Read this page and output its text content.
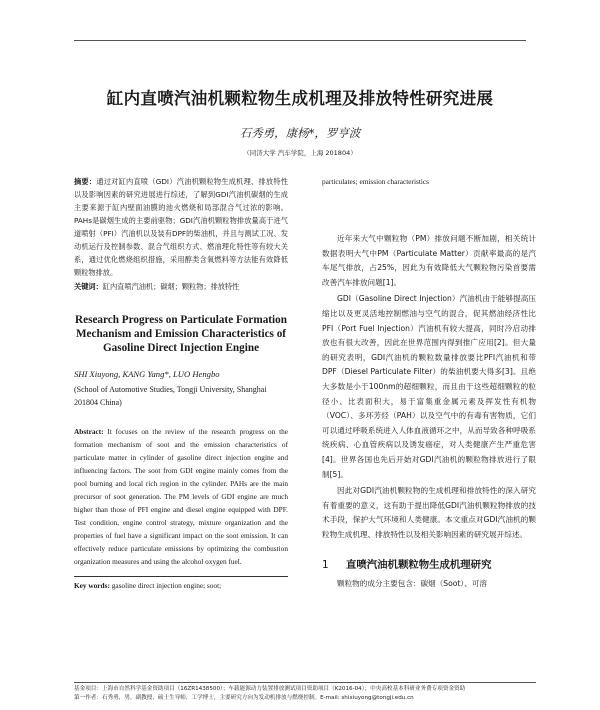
缸内直喷汽油机颗粒物生成机理及排放特性研究进展
石秀勇，康杨*，罗亨波
（同济大学 汽车学院，上海 201804）

摘要：通过对缸内直喷（GDI）汽油机颗粒物生成机理、排放特性以及影响因素的研究进展进行综述，了解到GDI汽油机碳烟的生成主要来源于缸内壁面油膜的池火燃烧和局部混合气过浓的影响。PAHs是碳烟生成的主要前驱物；GDI汽油机颗粒物排放量高于进气道喷射（PFI）汽油机以及装有DPF的柴油机，并且与测试工况、发动机运行及控制参数、混合气组织方式、燃油理化特性等有较大关系，通过优化燃烧组织措施，采用醇类含氧燃料等方法能有效降低颗粒物排放。

关键词：缸内直喷汽油机；碳烟；颗粒物；排放特性

Research Progress on Particulate Formation Mechanism and Emission Characteristics of Gasoline Direct Injection Engine
SHI Xiuyong, KANG Yang*, LUO Hengbo
(School of Automotive Studies, Tongji University, Shanghai 201804 China)

Abstract: It focuses on the review of the research progress on the formation mechanism of soot and the emission characteristics of particulate matter in cylinder of gasoline direct injection engine and influencing factors. The soot from GDI engine mainly comes from the pool burning and local rich region in the cylinder. PAHs are the main precursor of soot generation. The PM levels of GDI engine are much higher than those of PFI engine and diesel engine equipped with DPF. Test condition, engine control strategy, mixture organization and the properties of fuel have a significant impact on the soot emission. It can effectively reduce particulate emissions by optimizing the combustion organization measures and using the alcohol oxygen fuel.

Key words: gasoline direct injection engine; soot;

particulates; emission characteristics

近年来大气中颗粒物（PM）排放问题不断加剧，相关统计数据表明大气中PM（Particulate Matter）贡献率最高的是汽车尾气排放，占25%，因此为有效降低大气颗粒物污染首要需改善汽车排放问题[1]。

GDI（Gasoline Direct Injection）汽油机由于能够提高压缩比以及更灵活地控制燃油与空气的混合，促其燃油经济性比PFI（Port Fuel Injection）汽油机有较大提高，同时冷启动排放也有很大改善，因此在世界范围内得到推广应用[2]。但大量的研究表明，GDI汽油机的颗粒数量排放要比PFI汽油机和带DPF（Diesel Particulate Filter）的柴油机要大得多[3]。且绝大多数是小于100nm的超细颗粒，而且由于这些超细颗粒的粒径小、比表面积大，易于富集重金属元素及挥发性有机物（VOC）、多环芳烃（PAH）以及空气中的有毒有害物质，它们可以通过呼吸系统进入人体血液循环之中，从而导致各种呼吸系统疾病、心血管疾病以及诱发癌症，对人类健康产生严重危害[4]。世界各国也先后开始对GDI汽油机的颗粒物排放进行了限制[5]。

因此对GDI汽油机颗粒物的生成机理和排放特性的深入研究有着重要的意义，这有助于提出降低GDI汽油机颗粒物排放的技术手段，保护大气环境和人类健康。本文重点对GDI汽油机的颗粒物生成机理、排放特性以及相关影响因素的研究展开综述。

1 直喷汽油机颗粒物生成机理研究

颗粒物的成分主要包含：碳烟（Soot）、可溶

基金项目：上海市自然科学基金资助项目（16ZR1438500）；车载能源动力装置排放测试项目资助项目（K2016-04）；中央高校基本科研业务费专项资金资助

第一作者：石秀勇，男，副教授，硕士生导师，工学博士，主要研究方向为发动机排放与燃烧控制。E-mail: shixiuyong@tongji.edu.cn
